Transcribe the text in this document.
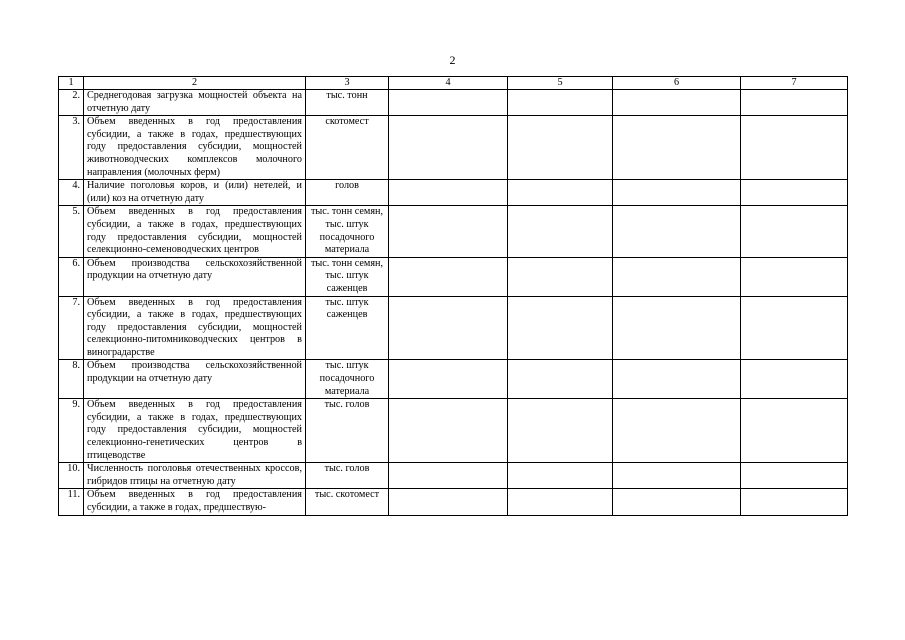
2
1	2	3	4	5	6	7
2.	Среднегодовая загрузка мощностей объекта на отчетную дату	тыс. тонн				
3.	Объем введенных в год предоставления субсидии, а также в годах, предшествующих году предоставления субсидии, мощностей животноводческих комплексов молочного направления (молочных ферм)	скотомест				
4.	Наличие поголовья коров, и (или) нетелей, и (или) коз на отчетную дату	голов				
5.	Объем введенных в год предоставления субсидии, а также в годах, предшествующих году предоставления субсидии, мощностей селекционно-семеноводческих центров	тыс. тонн семян, тыс. штук посадочного материала				
6.	Объем производства сельскохозяйственной продукции на отчетную дату	тыс. тонн семян, тыс. штук саженцев				
7.	Объем введенных в год предоставления субсидии, а также в годах, предшествующих году предоставления субсидии, мощностей селекционно-питомниководческих центров в виноградарстве	тыс. штук саженцев				
8.	Объем производства сельскохозяйственной продукции на отчетную дату	тыс. штук посадочного материала				
9.	Объем введенных в год предоставления субсидии, а также в годах, предшествующих году предоставления субсидии, мощностей селекционно-генетических центров в птицеводстве	тыс. голов				
10.	Численность поголовья отечественных кроссов, гибридов птицы на отчетную дату	тыс. голов				
11.	Объем введенных в год предоставления субсидии, а также в годах, предшествую-	тыс. скотомест				
